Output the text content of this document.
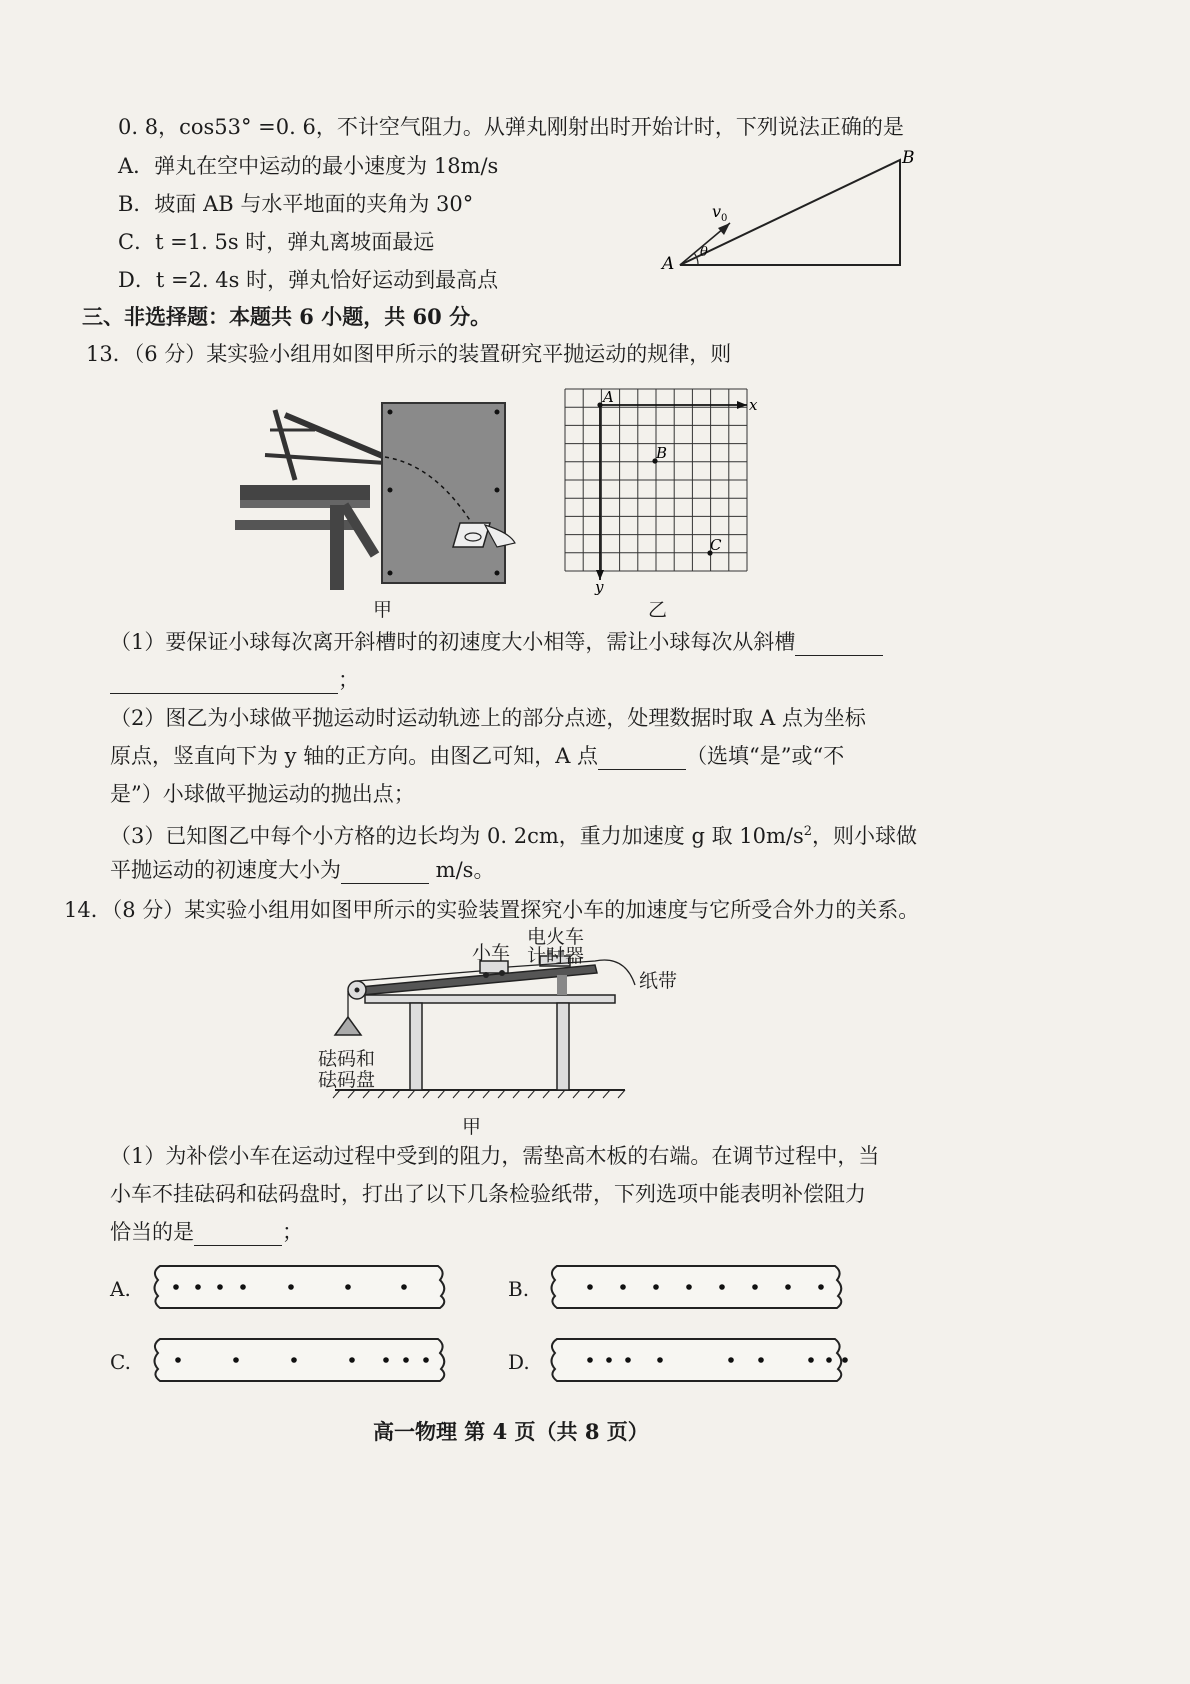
0. 8，cos53° =0. 6，不计空气阻力。从弹丸刚射出时开始计时，下列说法正确的是
A．弹丸在空中运动的最小速度为 18m/s
B．坡面 AB 与水平地面的夹角为 30°
C．t =1. 5s 时，弹丸离坡面最远
D．t =2. 4s 时，弹丸恰好运动到最高点
A
B
v 0
θ
三、非选择题：本题共 6 小题，共 60 分。
13．（6 分）某实验小组用如图甲所示的装置研究平抛运动的规律，则
甲
A
B
C
x
y
乙
（1）要保证小球每次离开斜槽时的初速度大小相等，需让小球每次从斜槽
；
（2）图乙为小球做平抛运动时运动轨迹上的部分点迹，处理数据时取 A 点为坐标
原点，竖直向下为 y 轴的正方向。由图乙可知，A 点	（选填“是”或“不
是”）小球做平抛运动的抛出点；
（3）已知图乙中每个小方格的边长均为 0. 2cm，重力加速度 g 取 $10m/s^2$，则小球做
平抛运动的初速度大小为	m/s。
14．（8 分）某实验小组用如图甲所示的实验装置探究小车的加速度与它所受合外力的关系。
小车
电火车
计时器
纸带
砝码和
砝码盘
甲
（1）为补偿小车在运动过程中受到的阻力，需垫高木板的右端。在调节过程中，当
小车不挂砝码和砝码盘时，打出了以下几条检验纸带，下列选项中能表明补偿阻力
恰当的是	；
A.	B.
C.	D.
高一物理 第 4 页（共 8 页）
